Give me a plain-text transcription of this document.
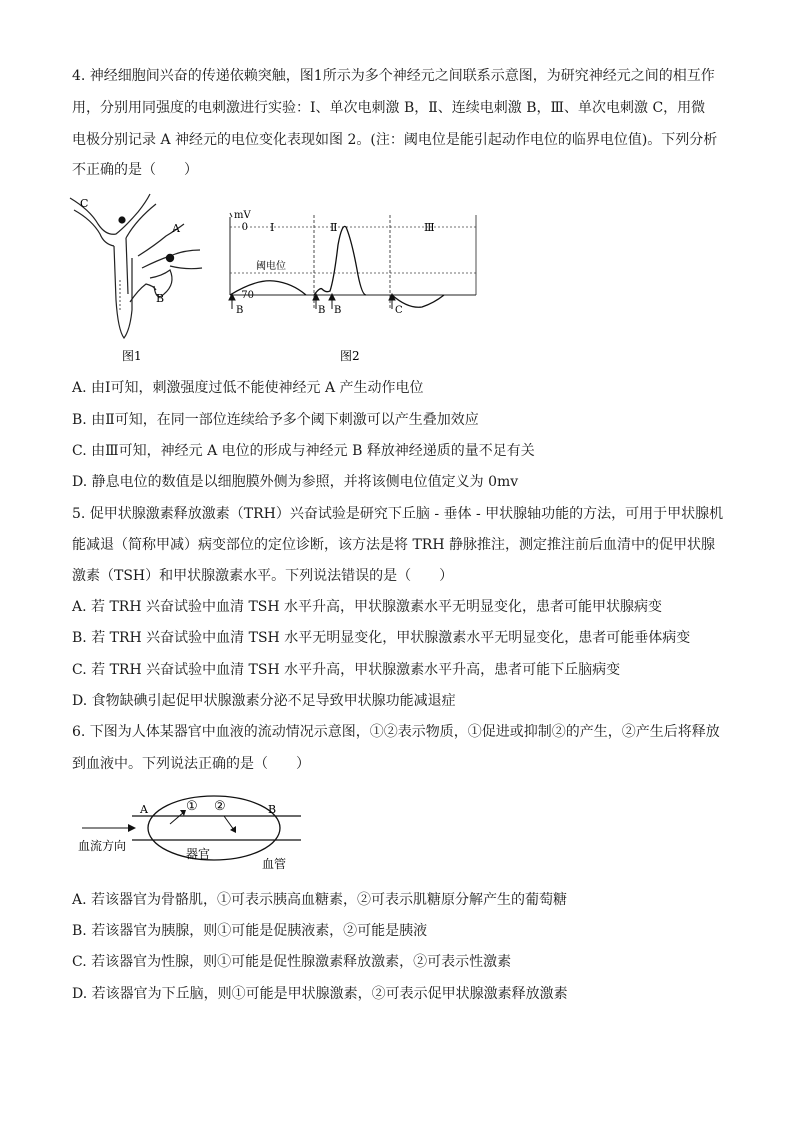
4. 神经细胞间兴奋的传递依赖突触，图1所示为多个神经元之间联系示意图，为研究神经元之间的相互作
用，分别用同强度的电刺激进行实验：Ⅰ、单次电刺激 B，Ⅱ、连续电刺激 B，Ⅲ、单次电刺激 C，用微
电极分别记录 A 神经元的电位变化表现如图 2。(注：阈电位是能引起动作电位的临界电位值)。下列分析
不正确的是（　　）
C
A
B
图1
mV
0
-70
阈电位
Ⅰ	Ⅱ	Ⅲ
B	B B	C
图2
A. 由Ⅰ可知，刺激强度过低不能使神经元 A 产生动作电位
B. 由Ⅱ可知，在同一部位连续给予多个阈下刺激可以产生叠加效应
C. 由Ⅲ可知，神经元 A 电位的形成与神经元 B 释放神经递质的量不足有关
D. 静息电位的数值是以细胞膜外侧为参照，并将该侧电位值定义为 0mv
5. 促甲状腺激素释放激素（TRH）兴奋试验是研究下丘脑 - 垂体 - 甲状腺轴功能的方法，可用于甲状腺机
能减退（简称甲减）病变部位的定位诊断，该方法是将 TRH 静脉推注，测定推注前后血清中的促甲状腺
激素（TSH）和甲状腺激素水平。下列说法错误的是（　　）
A. 若 TRH 兴奋试验中血清 TSH 水平升高，甲状腺激素水平无明显变化，患者可能甲状腺病变
B. 若 TRH 兴奋试验中血清 TSH 水平无明显变化，甲状腺激素水平无明显变化，患者可能垂体病变
C. 若 TRH 兴奋试验中血清 TSH 水平升高，甲状腺激素水平升高，患者可能下丘脑病变
D. 食物缺碘引起促甲状腺激素分泌不足导致甲状腺功能减退症
6. 下图为人体某器官中血液的流动情况示意图，①②表示物质，①促进或抑制②的产生，②产生后将释放
到血液中。下列说法正确的是（　　）
A	B
① ②
血流方向
器官
血管
A. 若该器官为骨骼肌，①可表示胰高血糖素，②可表示肌糖原分解产生的葡萄糖
B. 若该器官为胰腺，则①可能是促胰液素，②可能是胰液
C. 若该器官为性腺，则①可能是促性腺激素释放激素，②可表示性激素
D. 若该器官为下丘脑，则①可能是甲状腺激素，②可表示促甲状腺激素释放激素
